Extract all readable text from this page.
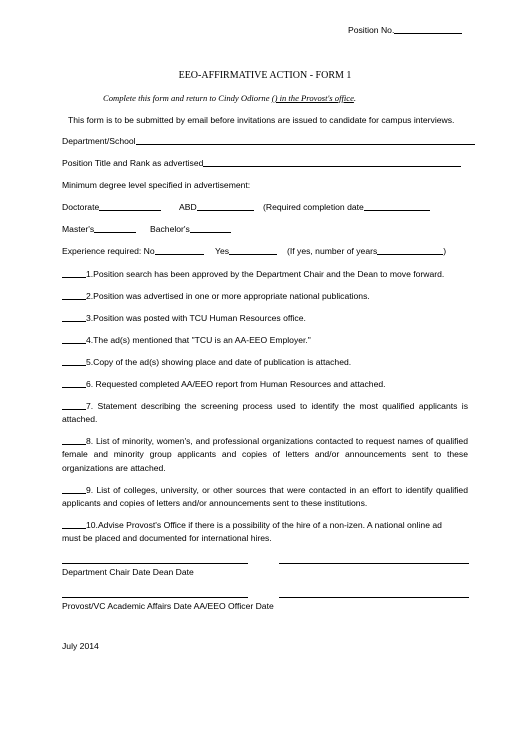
Position No.
EEO-AFFIRMATIVE ACTION - FORM 1
Complete this form and return to Cindy Odiorne () in the Provost's office.
This form is to be submitted by email before invitations are issued to candidate for campus interviews.
Department/School
Position Title and Rank as advertised
Minimum degree level specified in advertisement:
Doctorate	ABD	(Required completion date
Master's	Bachelor's
Experience required: No	Yes	(If yes, number of years	)
1.Position search has been approved by the Department Chair and the Dean to move forward.
2.Position was advertised in one or more appropriate national publications.
3.Position was posted with TCU Human Resources office.
4.The ad(s) mentioned that "TCU is an AA-EEO Employer."
5.Copy of the ad(s) showing place and date of publication is attached.
6. Requested completed AA/EEO report from Human Resources and attached.
7. Statement describing the screening process used to identify the most qualified applicants is attached.
8. List of minority, women's, and professional organizations contacted to request names of qualified female and minority group applicants and copies of letters and/or announcements sent to these organizations are attached.
9. List of colleges, university, or other sources that were contacted in an effort to identify qualified applicants and copies of letters and/or announcements sent to these institutions.
10.Advise Provost's Office if there is a possibility of the hire of a non-izen. A national online ad must be placed and documented for international hires.
Department Chair Date Dean Date
Provost/VC Academic Affairs Date AA/EEO Officer Date
July 2014
